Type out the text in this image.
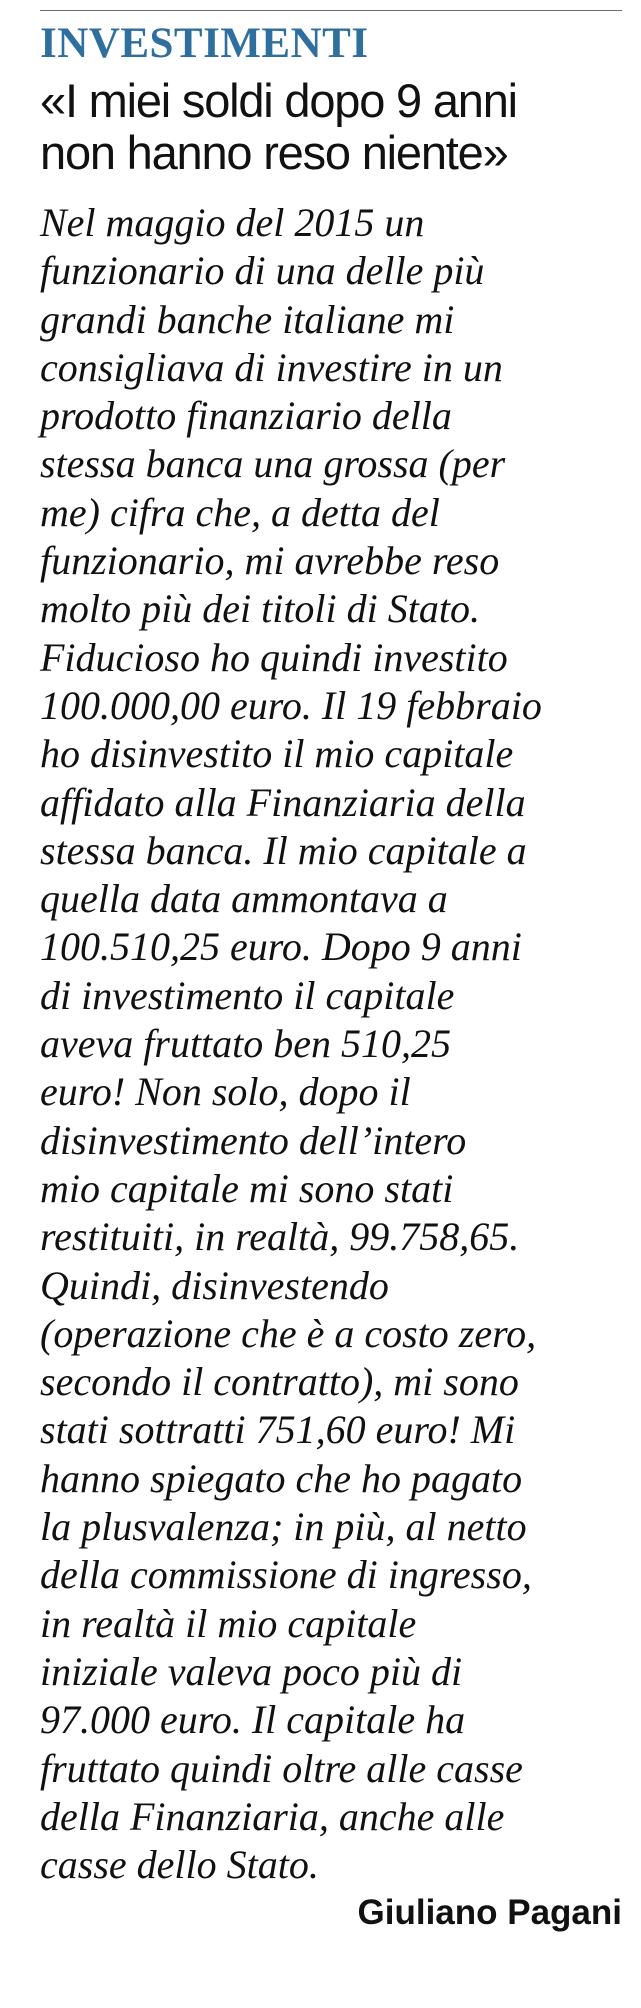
INVESTIMENTI
«I miei soldi dopo 9 anni
non hanno reso niente»
Nel maggio del 2015 un
funzionario di una delle più
grandi banche italiane mi
consigliava di investire in un
prodotto finanziario della
stessa banca una grossa (per
me) cifra che, a detta del
funzionario, mi avrebbe reso
molto più dei titoli di Stato.
Fiducioso ho quindi investito
100.000,00 euro. Il 19 febbraio
ho disinvestito il mio capitale
affidato alla Finanziaria della
stessa banca. Il mio capitale a
quella data ammontava a
100.510,25 euro. Dopo 9 anni
di investimento il capitale
aveva fruttato ben 510,25
euro! Non solo, dopo il
disinvestimento dell’intero
mio capitale mi sono stati
restituiti, in realtà, 99.758,65.
Quindi, disinvestendo
(operazione che è a costo zero,
secondo il contratto), mi sono
stati sottratti 751,60 euro! Mi
hanno spiegato che ho pagato
la plusvalenza; in più, al netto
della commissione di ingresso,
in realtà il mio capitale
iniziale valeva poco più di
97.000 euro. Il capitale ha
fruttato quindi oltre alle casse
della Finanziaria, anche alle
casse dello Stato.
Giuliano Pagani
